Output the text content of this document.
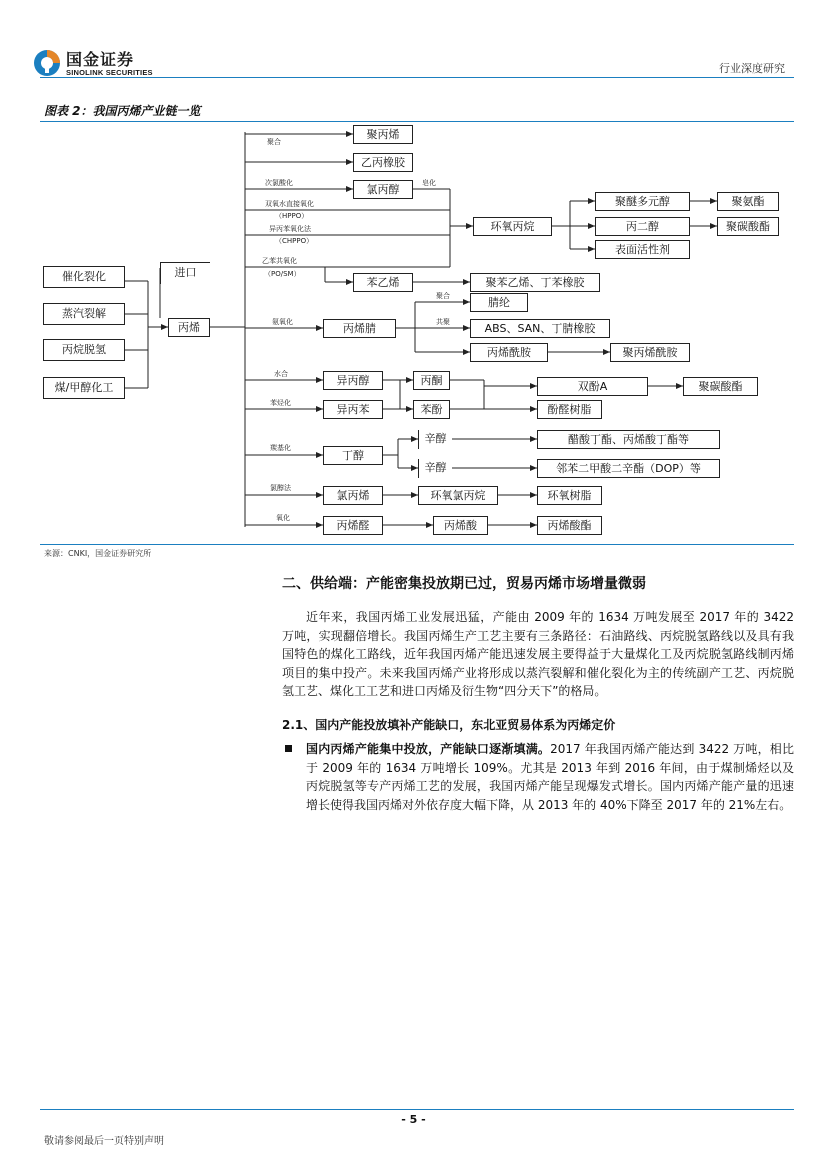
国金证券
SINOLINK SECURITIES	行业深度研究
图表 2：我国丙烯产业链一览
催化裂化
蒸汽裂解
丙烷脱氢
煤/甲醇化工
进口
丙烯
聚丙烯
乙丙橡胶
氯丙醇
环氧丙烷
聚醚多元醇
丙二醇
表面活性剂
聚氨酯
聚碳酸酯
苯乙烯	聚苯乙烯、丁苯橡胶
丙烯腈
腈纶
ABS、SAN、丁腈橡胶
丙烯酰胺	聚丙烯酰胺
异丙醇
异丙苯
丙酮
苯酚
双酚A	聚碳酸酯
酚醛树脂
丁醇
辛醇	醋酸丁酯、丙烯酸丁酯等
辛醇	邻苯二甲酸二辛酯（DOP）等
氯丙烯	环氧氯丙烷	环氧树脂
丙烯醛	丙烯酸	丙烯酸酯
聚合
次氯酸化	皂化
双氧水直接氧化
（HPPO）
异丙苯氧化法
（CHPPO）
乙苯共氧化
（PO/SM）
氨氧化
聚合
共聚
水合
苯烃化
羰基化
氯醇法
氧化
来源：CNKI，国金证券研究所
二、供给端：产能密集投放期已过，贸易丙烯市场增量微弱
近年来，我国丙烯工业发展迅猛，产能由 2009 年的 1634 万吨发展至 2017 年的 3422 万吨，实现翻倍增长。我国丙烯生产工艺主要有三条路径：石油路线、丙烷脱氢路线以及具有我国特色的煤化工路线，近年我国丙烯产能迅速发展主要得益于大量煤化工及丙烷脱氢路线制丙烯项目的集中投产。未来我国丙烯产业将形成以蒸汽裂解和催化裂化为主的传统副产工艺、丙烷脱氢工艺、煤化工工艺和进口丙烯及衍生物“四分天下”的格局。
2.1、国内产能投放填补产能缺口，东北亚贸易体系为丙烯定价
国内丙烯产能集中投放，产能缺口逐渐填满。2017 年我国丙烯产能达到 3422 万吨，相比于 2009 年的 1634 万吨增长 109%。尤其是 2013 年到 2016 年间，由于煤制烯烃以及丙烷脱氢等专产丙烯工艺的发展，我国丙烯产能呈现爆发式增长。国内丙烯产能产量的迅速增长使得我国丙烯对外依存度大幅下降，从 2013 年的 40%下降至 2017 年的 21%左右。
- 5 -
敬请参阅最后一页特别声明
